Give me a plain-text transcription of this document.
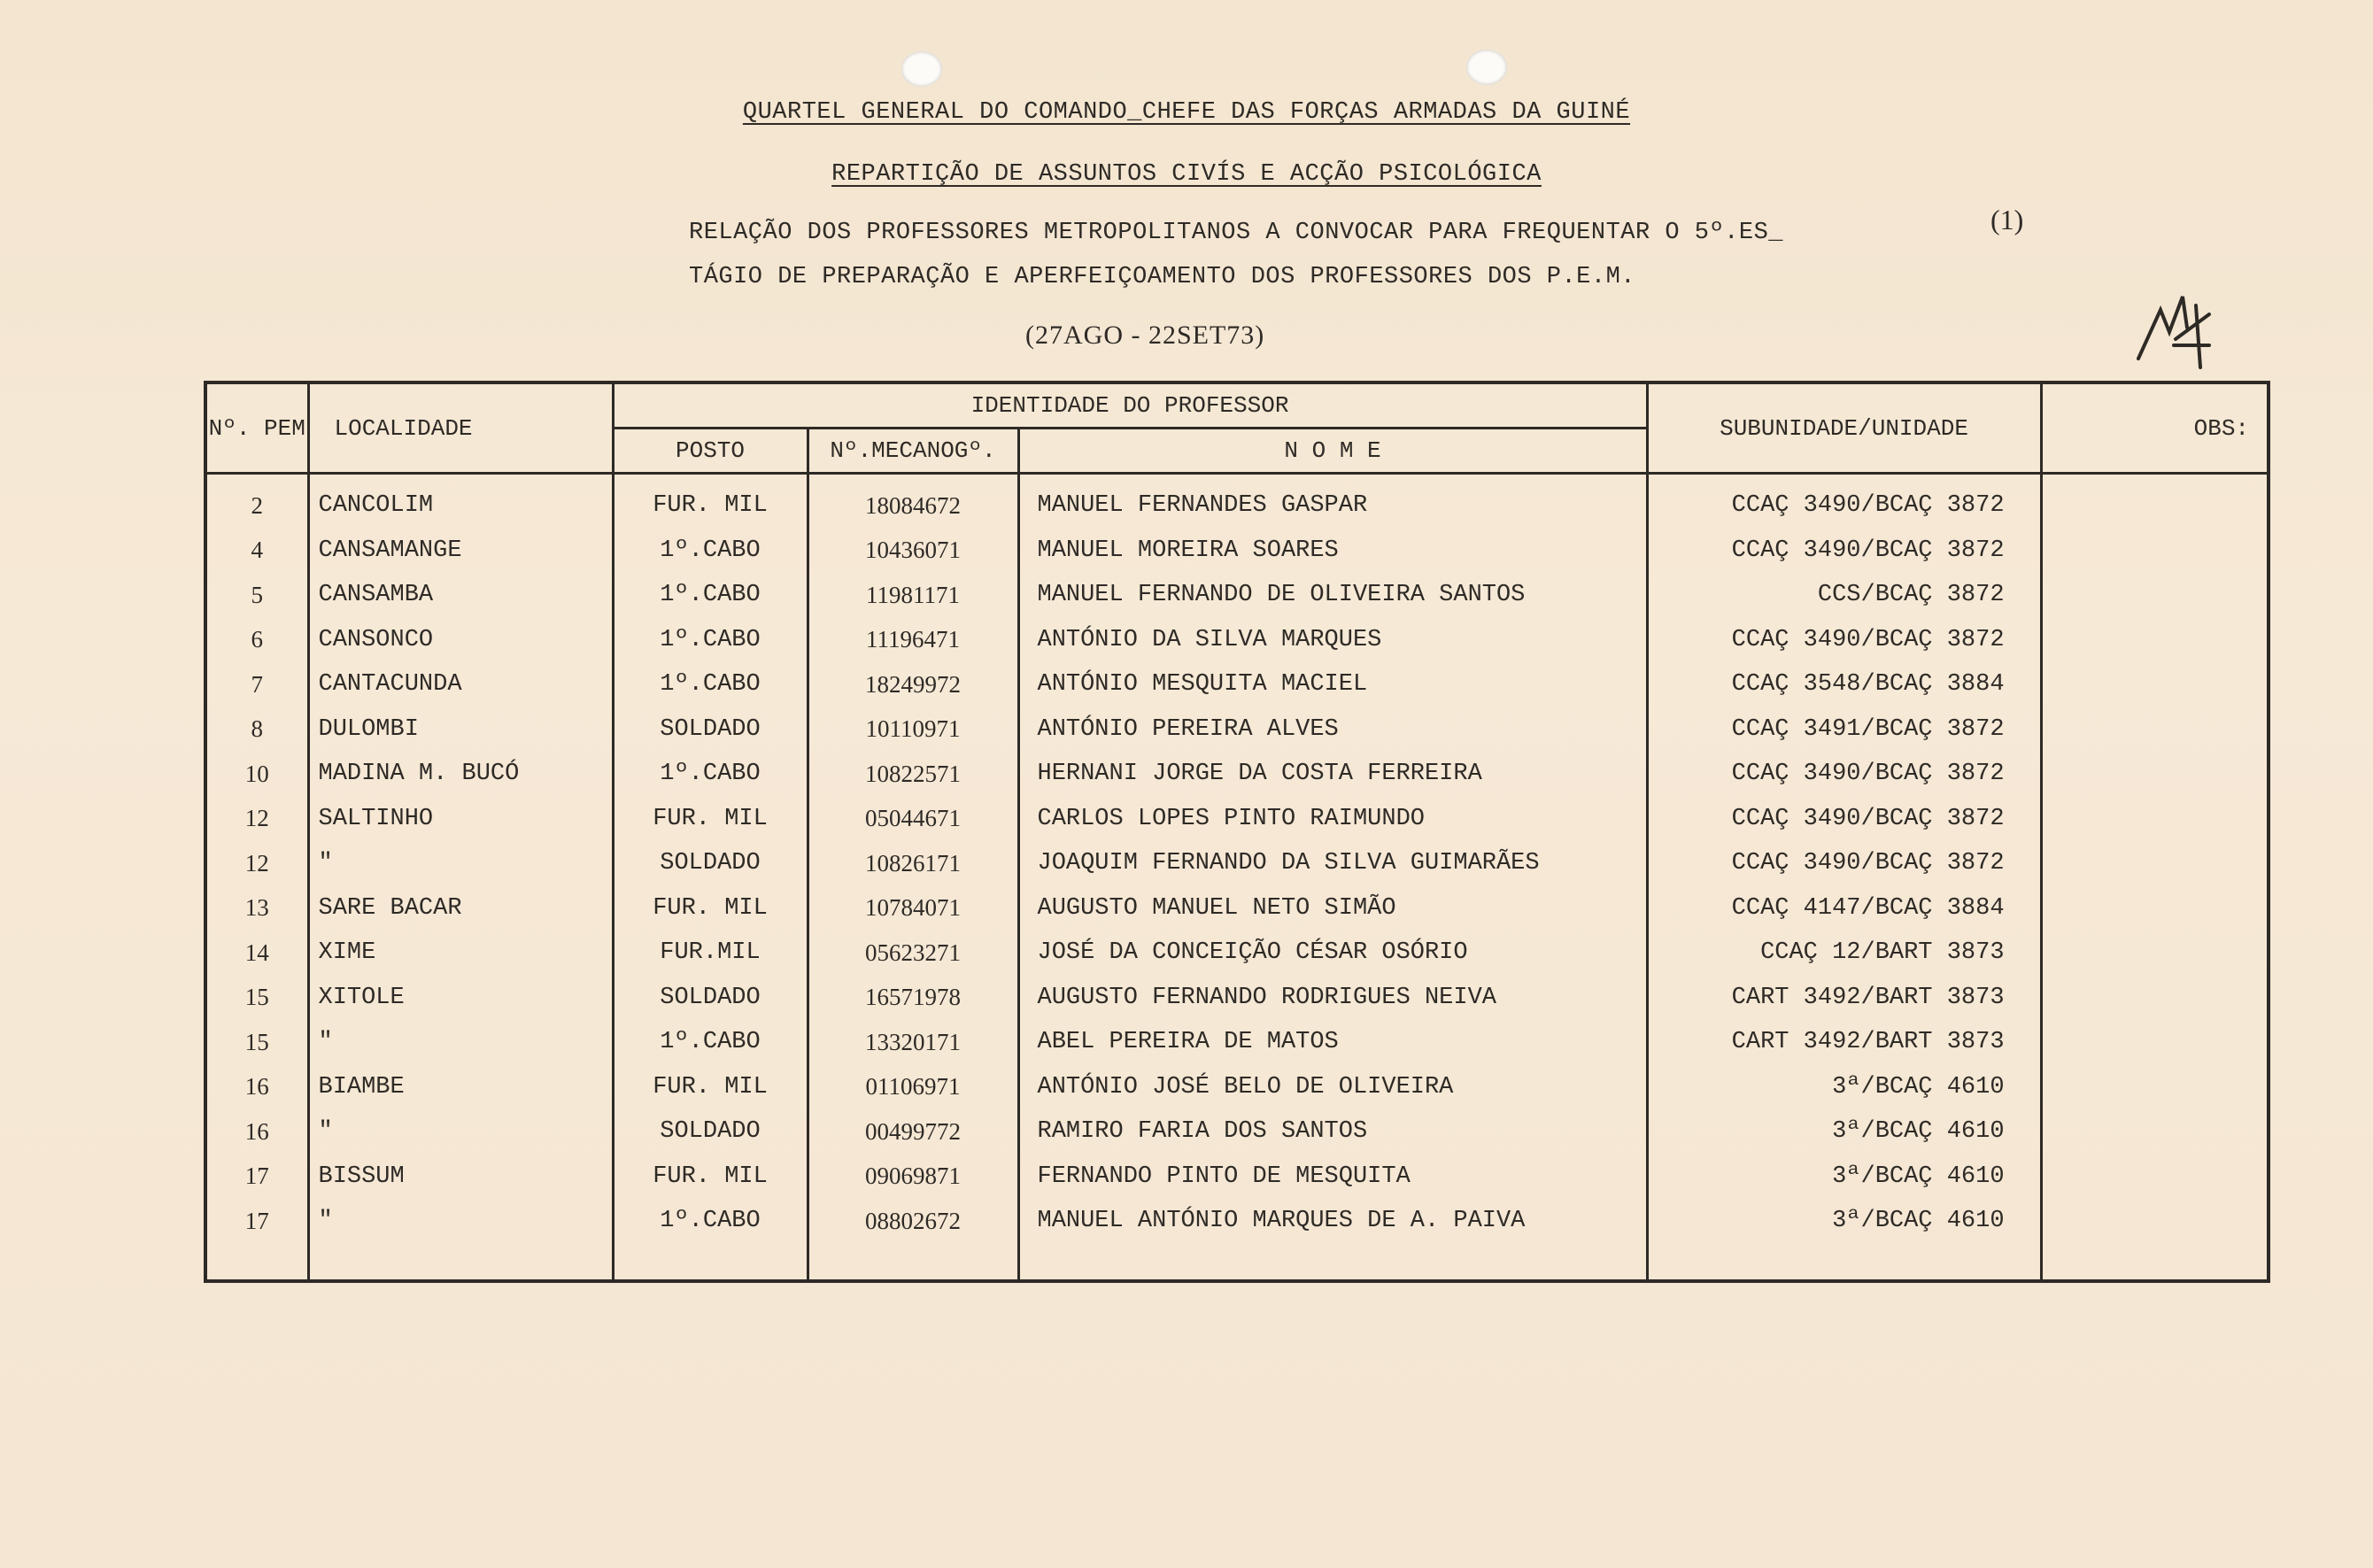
QUARTEL GENERAL DO COMANDO_CHEFE DAS FORÇAS ARMADAS DA GUINÉ
REPARTIÇÃO DE ASSUNTOS CIVÍS E ACÇÃO PSICOLÓGICA
RELAÇÃO DOS PROFESSORES METROPOLITANOS A CONVOCAR PARA FREQUENTAR O 5º.ES_
TÁGIO DE PREPARAÇÃO E APERFEIÇOAMENTO DOS PROFESSORES DOS P.E.M.
(1)
(27AGO - 22SET73)
Nº. PEM	LOCALIDADE	IDENTIDADE DO PROFESSOR			SUBUNIDADE/UNIDADE	OBS:
		POSTO	Nº.MECANOGº.	N O M E		
2	CANCOLIM	FUR. MIL	18084672	MANUEL FERNANDES GASPAR	CCAÇ 3490/BCAÇ 3872	
4	CANSAMANGE	1º.CABO	10436071	MANUEL MOREIRA SOARES	CCAÇ 3490/BCAÇ 3872	
5	CANSAMBA	1º.CABO	11981171	MANUEL FERNANDO DE OLIVEIRA SANTOS	CCS/BCAÇ 3872	
6	CANSONCO	1º.CABO	11196471	ANTÓNIO DA SILVA MARQUES	CCAÇ 3490/BCAÇ 3872	
7	CANTACUNDA	1º.CABO	18249972	ANTÓNIO MESQUITA MACIEL	CCAÇ 3548/BCAÇ 3884	
8	DULOMBI	SOLDADO	10110971	ANTÓNIO PEREIRA ALVES	CCAÇ 3491/BCAÇ 3872	
10	MADINA M. BUCÓ	1º.CABO	10822571	HERNANI JORGE DA COSTA FERREIRA	CCAÇ 3490/BCAÇ 3872	
12	SALTINHO	FUR. MIL	05044671	CARLOS LOPES PINTO RAIMUNDO	CCAÇ 3490/BCAÇ 3872	
12	"	SOLDADO	10826171	JOAQUIM FERNANDO DA SILVA GUIMARÃES	CCAÇ 3490/BCAÇ 3872	
13	SARE BACAR	FUR. MIL	10784071	AUGUSTO MANUEL NETO SIMÃO	CCAÇ 4147/BCAÇ 3884	
14	XIME	FUR.MIL	05623271	JOSÉ DA CONCEIÇÃO CÉSAR OSÓRIO	CCAÇ 12/BART 3873	
15	XITOLE	SOLDADO	16571978	AUGUSTO FERNANDO RODRIGUES NEIVA	CART 3492/BART 3873	
15	"	1º.CABO	13320171	ABEL PEREIRA DE MATOS	CART 3492/BART 3873	
16	BIAMBE	FUR. MIL	01106971	ANTÓNIO JOSÉ BELO DE OLIVEIRA	3ª/BCAÇ 4610	
16	"	SOLDADO	00499772	RAMIRO FARIA DOS SANTOS	3ª/BCAÇ 4610	
17	BISSUM	FUR. MIL	09069871	FERNANDO PINTO DE MESQUITA	3ª/BCAÇ 4610	
17	"	1º.CABO	08802672	MANUEL ANTÓNIO MARQUES DE A. PAIVA	3ª/BCAÇ 4610	
